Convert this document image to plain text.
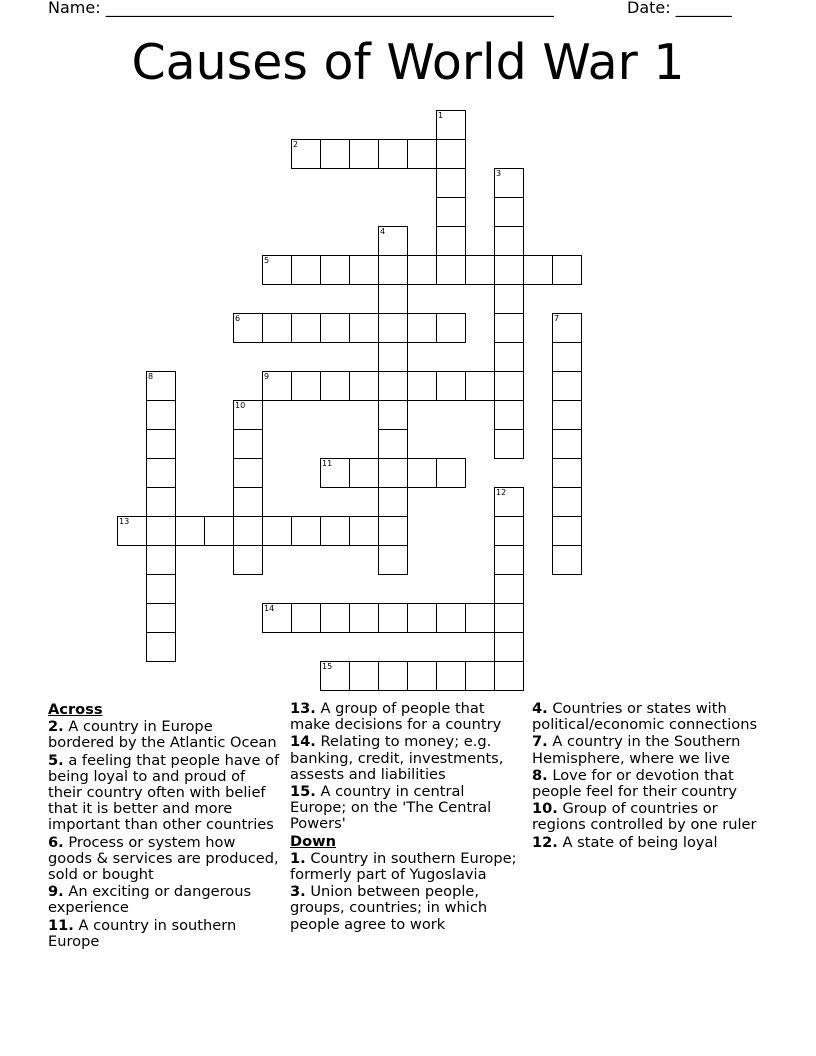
Name: ________________________________________________________	Date: _______
Causes of World War 1
1
2
3
4
5
6	7
8	9
10
11
12
13
14
15
Across
2. A country in Europe bordered by the Atlantic Ocean
5. a feeling that people have of being loyal to and proud of their country often with belief that it is better and more important than other countries
6. Process or system how goods & services are produced, sold or bought
9. An exciting or dangerous experience
11. A country in southern Europe
13. A group of people that make decisions for a country
14. Relating to money; e.g. banking, credit, investments, assests and liabilities
15. A country in central Europe; on the 'The Central Powers'
Down
1. Country in southern Europe; formerly part of Yugoslavia
3. Union between people, groups, countries; in which people agree to work
4. Countries or states with political/economic connections
7. A country in the Southern Hemisphere, where we live
8. Love for or devotion that people feel for their country
10. Group of countries or regions controlled by one ruler
12. A state of being loyal
